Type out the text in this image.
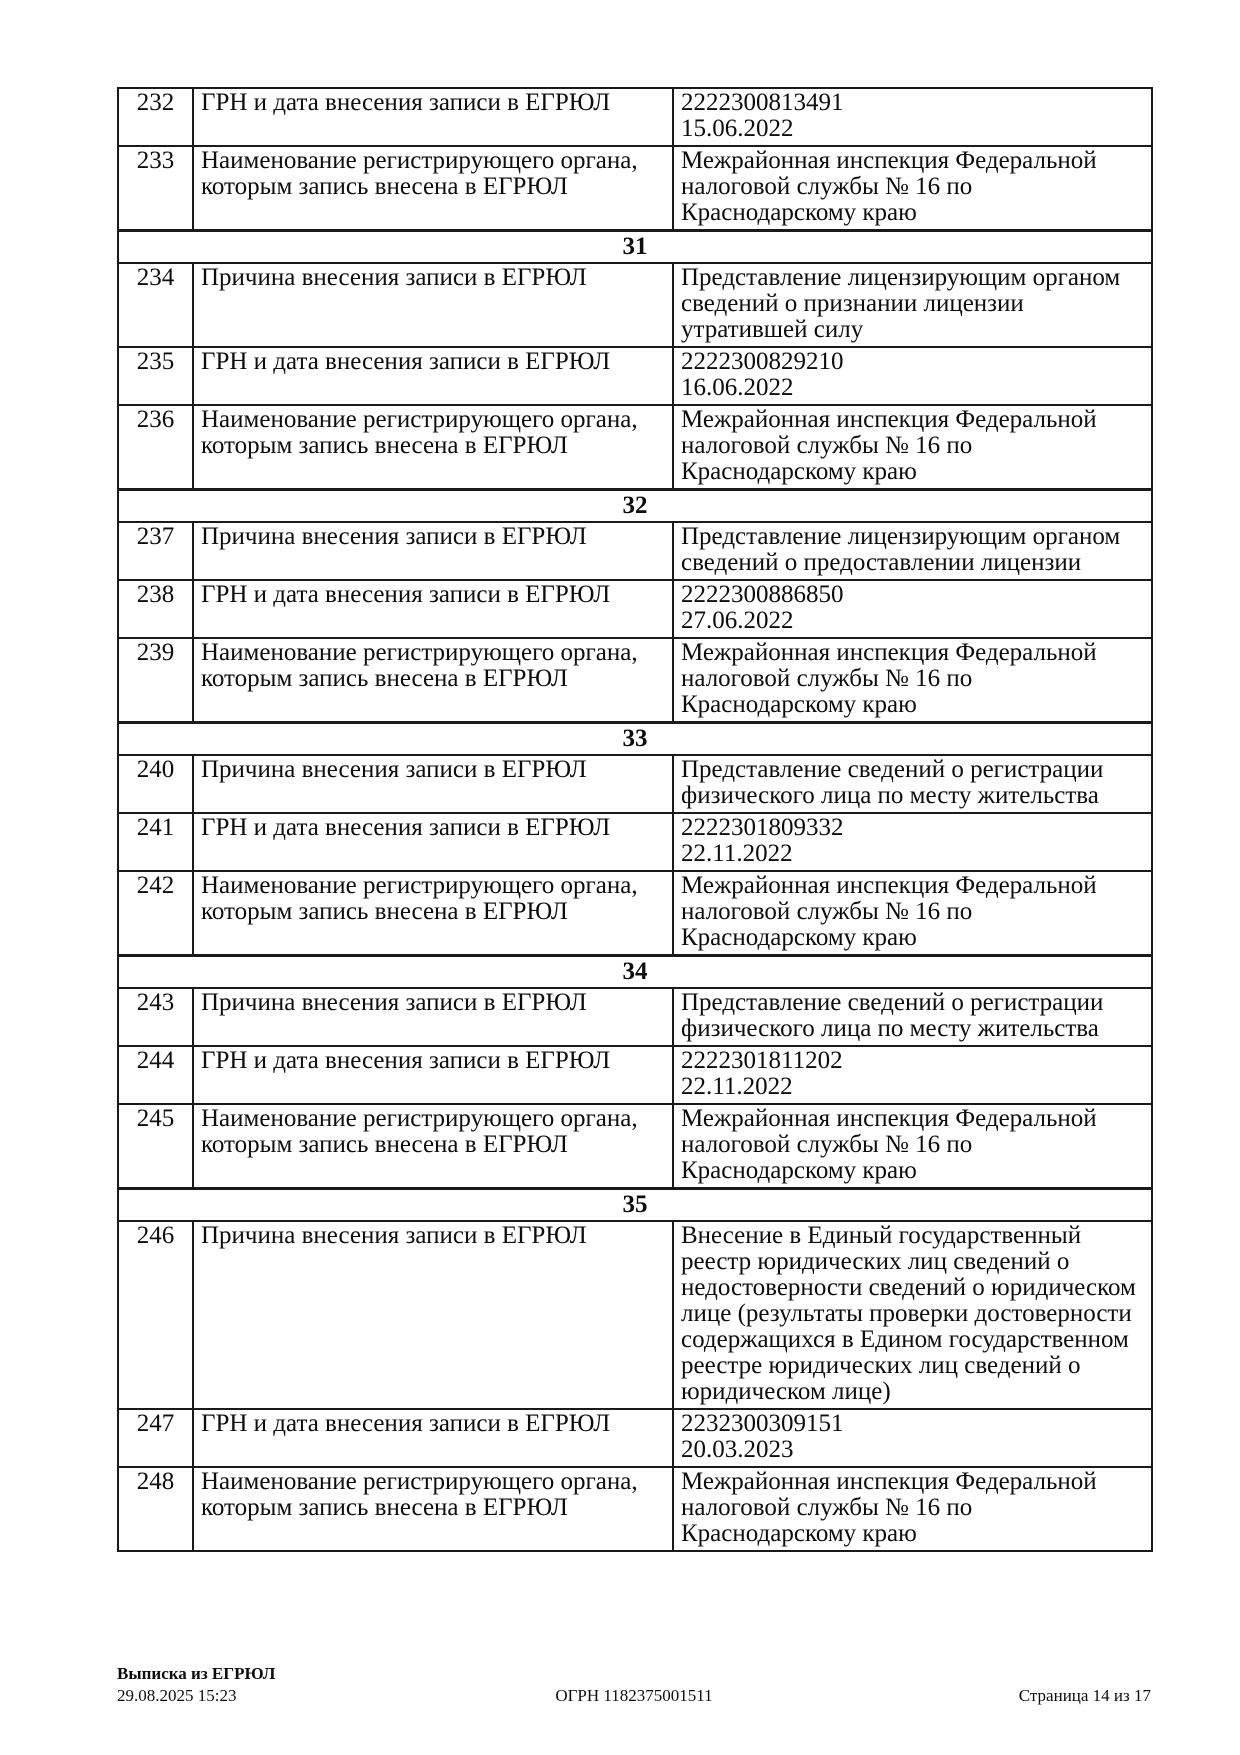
232	ГРН и дата внесения записи в ЕГРЮЛ	2222300813491
15.06.2022

233	Наименование регистрирующего органа, которым запись внесена в ЕГРЮЛ	Межрайонная инспекция Федеральной
налоговой службы № 16 по
Краснодарскому краю

31		
234	Причина внесения записи в ЕГРЮЛ	Представление лицензирующим органом
сведений о признании лицензии
утратившей силу

235	ГРН и дата внесения записи в ЕГРЮЛ	2222300829210
16.06.2022

236	Наименование регистрирующего органа, которым запись внесена в ЕГРЮЛ	Межрайонная инспекция Федеральной
налоговой службы № 16 по
Краснодарскому краю

32		
237	Причина внесения записи в ЕГРЮЛ	Представление лицензирующим органом
сведений о предоставлении лицензии

238	ГРН и дата внесения записи в ЕГРЮЛ	2222300886850
27.06.2022

239	Наименование регистрирующего органа, которым запись внесена в ЕГРЮЛ	Межрайонная инспекция Федеральной
налоговой службы № 16 по
Краснодарскому краю

33		
240	Причина внесения записи в ЕГРЮЛ	Представление сведений о регистрации
физического лица по месту жительства

241	ГРН и дата внесения записи в ЕГРЮЛ	2222301809332
22.11.2022

242	Наименование регистрирующего органа, которым запись внесена в ЕГРЮЛ	Межрайонная инспекция Федеральной
налоговой службы № 16 по
Краснодарскому краю

34		
243	Причина внесения записи в ЕГРЮЛ	Представление сведений о регистрации
физического лица по месту жительства

244	ГРН и дата внесения записи в ЕГРЮЛ	2222301811202
22.11.2022

245	Наименование регистрирующего органа, которым запись внесена в ЕГРЮЛ	Межрайонная инспекция Федеральной
налоговой службы № 16 по
Краснодарскому краю

35		
246	Причина внесения записи в ЕГРЮЛ	Внесение в Единый государственный
реестр юридических лиц сведений о
недостоверности сведений о юридическом
лице (результаты проверки достоверности
содержащихся в Едином государственном
реестре юридических лиц сведений о
юридическом лице)

247	ГРН и дата внесения записи в ЕГРЮЛ	2232300309151
20.03.2023

248	Наименование регистрирующего органа, которым запись внесена в ЕГРЮЛ	Межрайонная инспекция Федеральной
налоговой службы № 16 по
Краснодарскому краю
Выписка из ЕГРЮЛ
29.08.2025 15:23	ОГРН 1182375001511	Страница 14 из 17
